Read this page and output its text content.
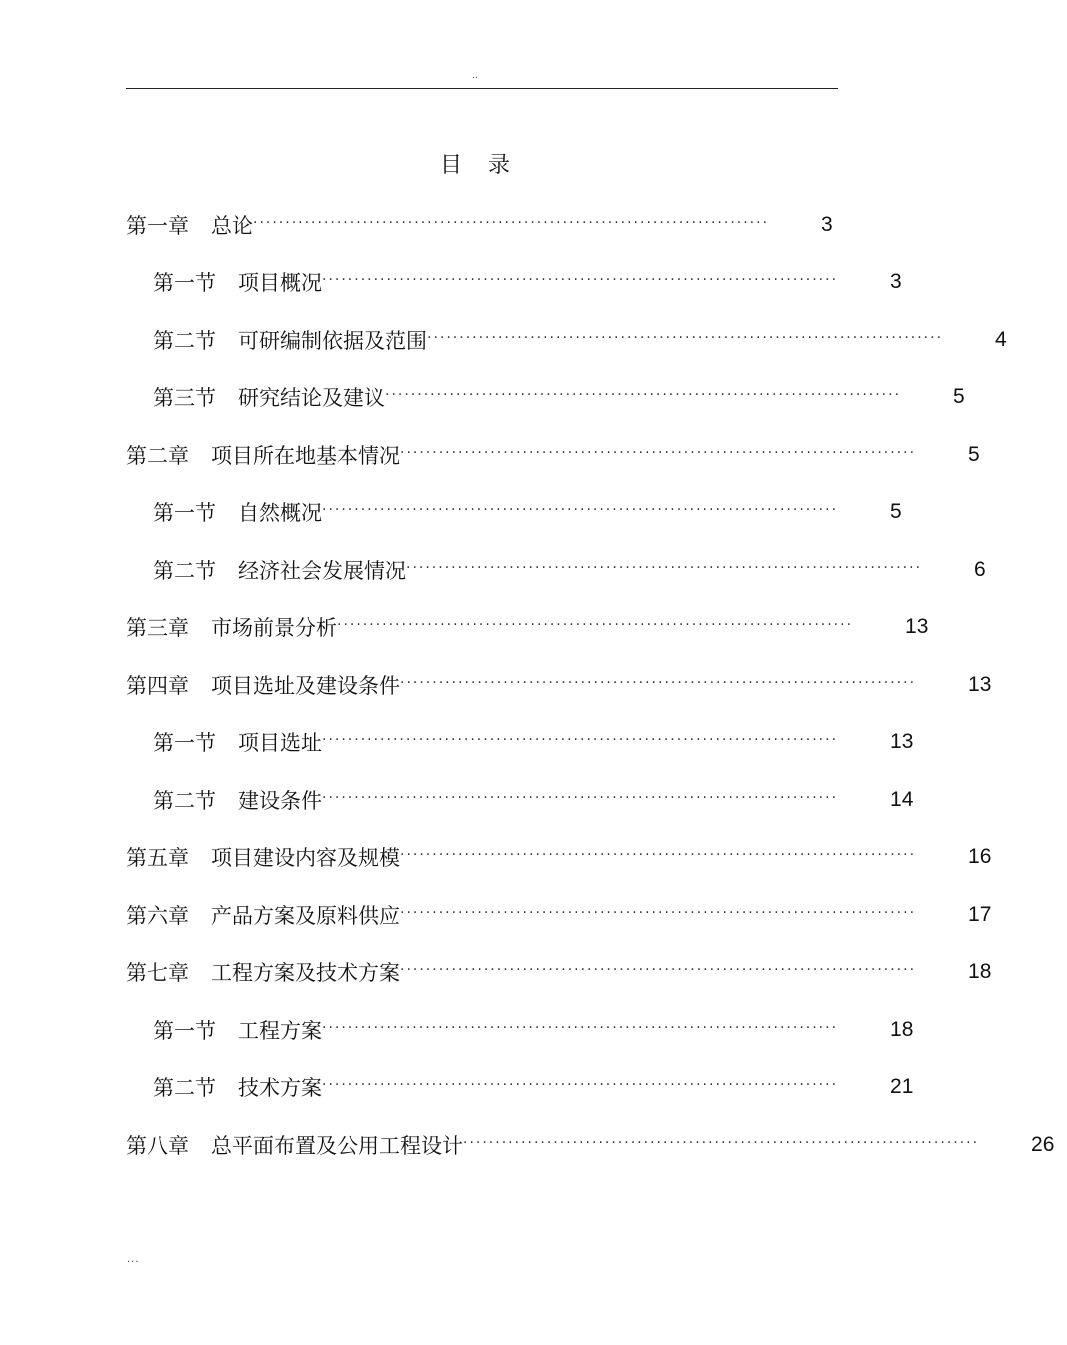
..
目录
第一章 总论 ················································································ 3
第一节 项目概况 ················································································ 3
第二节 可研编制依据及范围 ················································································ 4
第三节 研究结论及建议 ················································································ 5
第二章 项目所在地基本情况 ················································································ 5
第一节 自然概况 ················································································ 5
第二节 经济社会发展情况 ················································································ 6
第三章 市场前景分析 ················································································ 13
第四章 项目选址及建设条件 ················································································ 13
第一节 项目选址 ················································································ 13
第二节 建设条件 ················································································ 14
第五章 项目建设内容及规模 ················································································ 16
第六章 产品方案及原料供应 ················································································ 17
第七章 工程方案及技术方案 ················································································ 18
第一节 工程方案 ················································································ 18
第二节 技术方案 ················································································ 21
第八章 总平面布置及公用工程设计 ················································································ 26
...
